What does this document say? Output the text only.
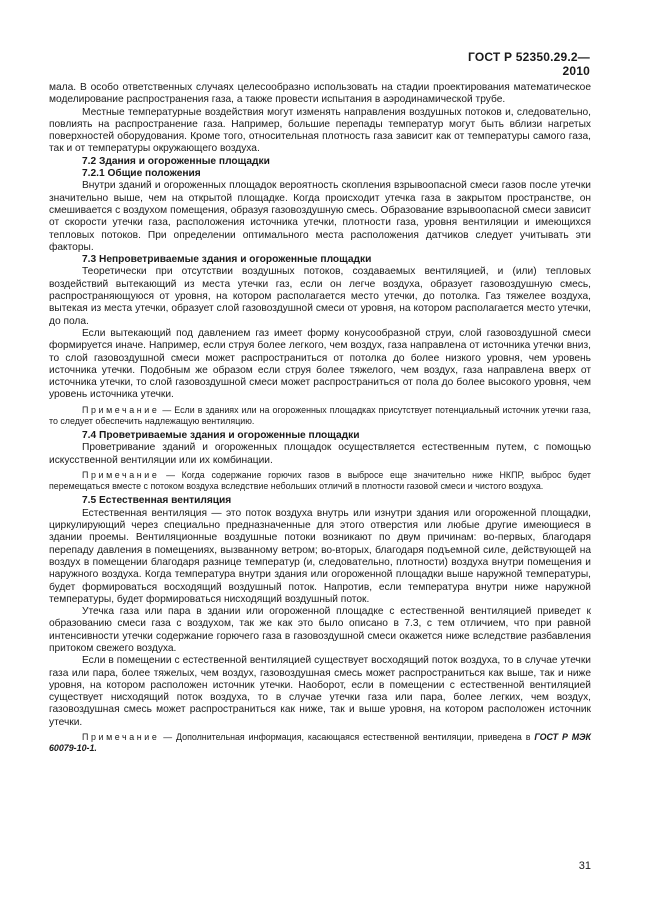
ГОСТ Р 52350.29.2— 2010

мала. В особо ответственных случаях целесообразно использовать на стадии проектирования математическое моделирование распространения газа, а также провести испытания в аэродинамической трубе.

Местные температурные воздействия могут изменять направления воздушных потоков и, следовательно, повлиять на распространение газа. Например, большие перепады температур могут быть вблизи нагретых поверхностей оборудования. Кроме того, относительная плотность газа зависит как от температуры самого газа, так и от температуры окружающего воздуха.

7.2 Здания и огороженные площадки
7.2.1 Общие положения

Внутри зданий и огороженных площадок вероятность скопления взрывоопасной смеси газов после утечки значительно выше, чем на открытой площадке. Когда происходит утечка газа в закрытом пространстве, он смешивается с воздухом помещения, образуя газовоздушную смесь. Образование взрывоопасной смеси зависит от скорости утечки газа, расположения источника утечки, плотности газа, уровня вентиляции и имеющихся тепловых потоков. При определении оптимального места расположения датчиков следует учитывать эти факторы.

7.3 Непроветриваемые здания и огороженные площадки

Теоретически при отсутствии воздушных потоков, создаваемых вентиляцией, и (или) тепловых воздействий вытекающий из места утечки газ, если он легче воздуха, образует газовоздушную смесь, распространяющуюся от уровня, на котором располагается место утечки, до потолка. Газ тяжелее воздуха, вытекая из места утечки, образует слой газовоздушной смеси от уровня, на котором располагается место утечки, до пола.

Если вытекающий под давлением газ имеет форму конусообразной струи, слой газовоздушной смеси формируется иначе. Например, если струя более легкого, чем воздух, газа направлена от источника утечки вниз, то слой газовоздушной смеси может распространиться от потолка до более низкого уровня, чем уровень источника утечки. Подобным же образом если струя более тяжелого, чем воздух, газа направлена вверх от источника утечки, то слой газовоздушной смеси может распространиться от пола до более высокого уровня, чем уровень источника утечки.

Примечание — Если в зданиях или на огороженных площадках присутствует потенциальный источник утечки газа, то следует обеспечить надлежащую вентиляцию.

7.4 Проветриваемые здания и огороженные площадки

Проветривание зданий и огороженных площадок осуществляется естественным путем, с помощью искусственной вентиляции или их комбинации.

Примечание — Когда содержание горючих газов в выбросе еще значительно ниже НКПР, выброс будет перемещаться вместе с потоком воздуха вследствие небольших отличий в плотности газовой смеси и чистого воздуха.

7.5 Естественная вентиляция

Естественная вентиляция — это поток воздуха внутрь или изнутри здания или огороженной площадки, циркулирующий через специально предназначенные для этого отверстия или любые другие имеющиеся в здании проемы. Вентиляционные воздушные потоки возникают по двум причинам: во-первых, благодаря перепаду давления в помещениях, вызванному ветром; во-вторых, благодаря подъемной силе, действующей на воздух в помещении благодаря разнице температур (и, следовательно, плотности) воздуха внутри помещения и наружного воздуха. Когда температура внутри здания или огороженной площадки выше наружной температуры, будет формироваться восходящий воздушный поток. Напротив, если температура внутри ниже наружной температуры, будет формироваться нисходящий воздушный поток.

Утечка газа или пара в здании или огороженной площадке с естественной вентиляцией приведет к образованию смеси газа с воздухом, так же как это было описано в 7.3, с тем отличием, что при равной интенсивности утечки содержание горючего газа в газовоздушной смеси окажется ниже вследствие разбавления притоком свежего воздуха.

Если в помещении с естественной вентиляцией существует восходящий поток воздуха, то в случае утечки газа или пара, более тяжелых, чем воздух, газовоздушная смесь может распространиться как выше, так и ниже уровня, на котором расположен источник утечки. Наоборот, если в помещении с естественной вентиляцией существует нисходящий поток воздуха, то в случае утечки газа или пара, более легких, чем воздух, газовоздушная смесь может распространиться как ниже, так и выше уровня, на котором расположен источник утечки.

Примечание — Дополнительная информация, касающаяся естественной вентиляции, приведена в ГОСТ Р МЭК 60079-10-1.

31
